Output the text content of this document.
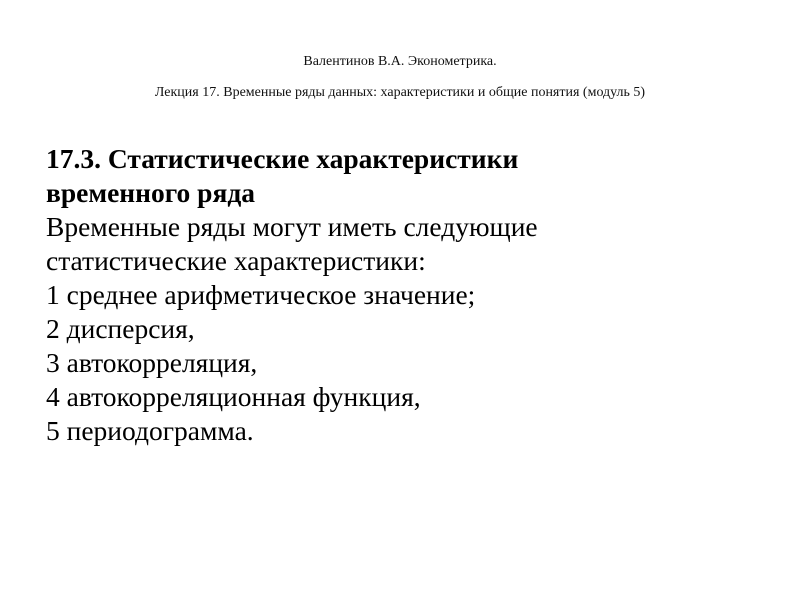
Валентинов В.А. Эконометрика.
Лекция 17. Временные ряды данных: характеристики и общие понятия (модуль 5)

17.3. Статистические характеристики

временного ряда

Временные ряды могут иметь следующие

статистические характеристики:

1 среднее арифметическое значение;

2 дисперсия,

3 автокорреляция,

4 автокорреляционная функция,

5 периодограмма.
